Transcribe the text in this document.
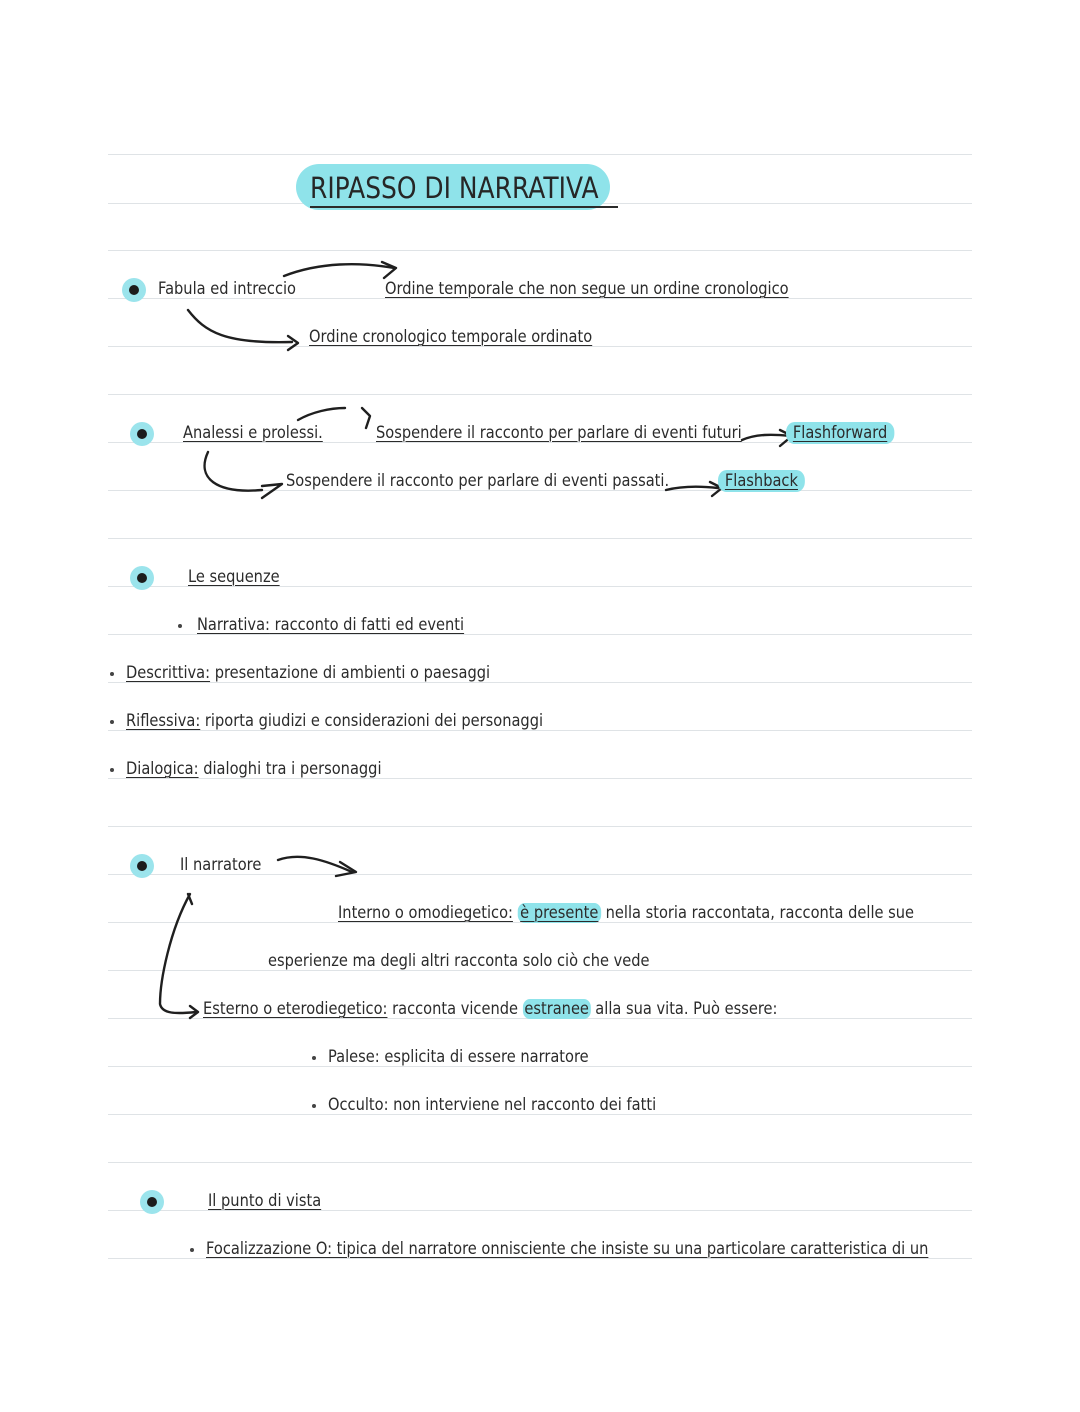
RIPASSO DI NARRATIVA
Fabula ed intreccio	Ordine temporale che non segue un ordine cronologico
Ordine cronologico temporale ordinato
Analessi e prolessi.	Sospendere il racconto per parlare di eventi futuri	Flashforward
Sospendere il racconto per parlare di eventi passati.	Flashback
Le sequenze
Narrativa: racconto di fatti ed eventi
Descrittiva: presentazione di ambienti o paesaggi
Riflessiva: riporta giudizi e considerazioni dei personaggi
Dialogica: dialoghi tra i personaggi
Il narratore
Interno o omodiegetico: è presente nella storia raccontata, racconta delle sue
esperienze ma degli altri racconta solo ciò che vede
Esterno o eterodiegetico: racconta vicende estranee alla sua vita. Può essere:
Palese: esplicita di essere narratore
Occulto: non interviene nel racconto dei fatti
Il punto di vista
Focalizzazione O: tipica del narratore onnisciente che insiste su una particolare caratteristica di un
